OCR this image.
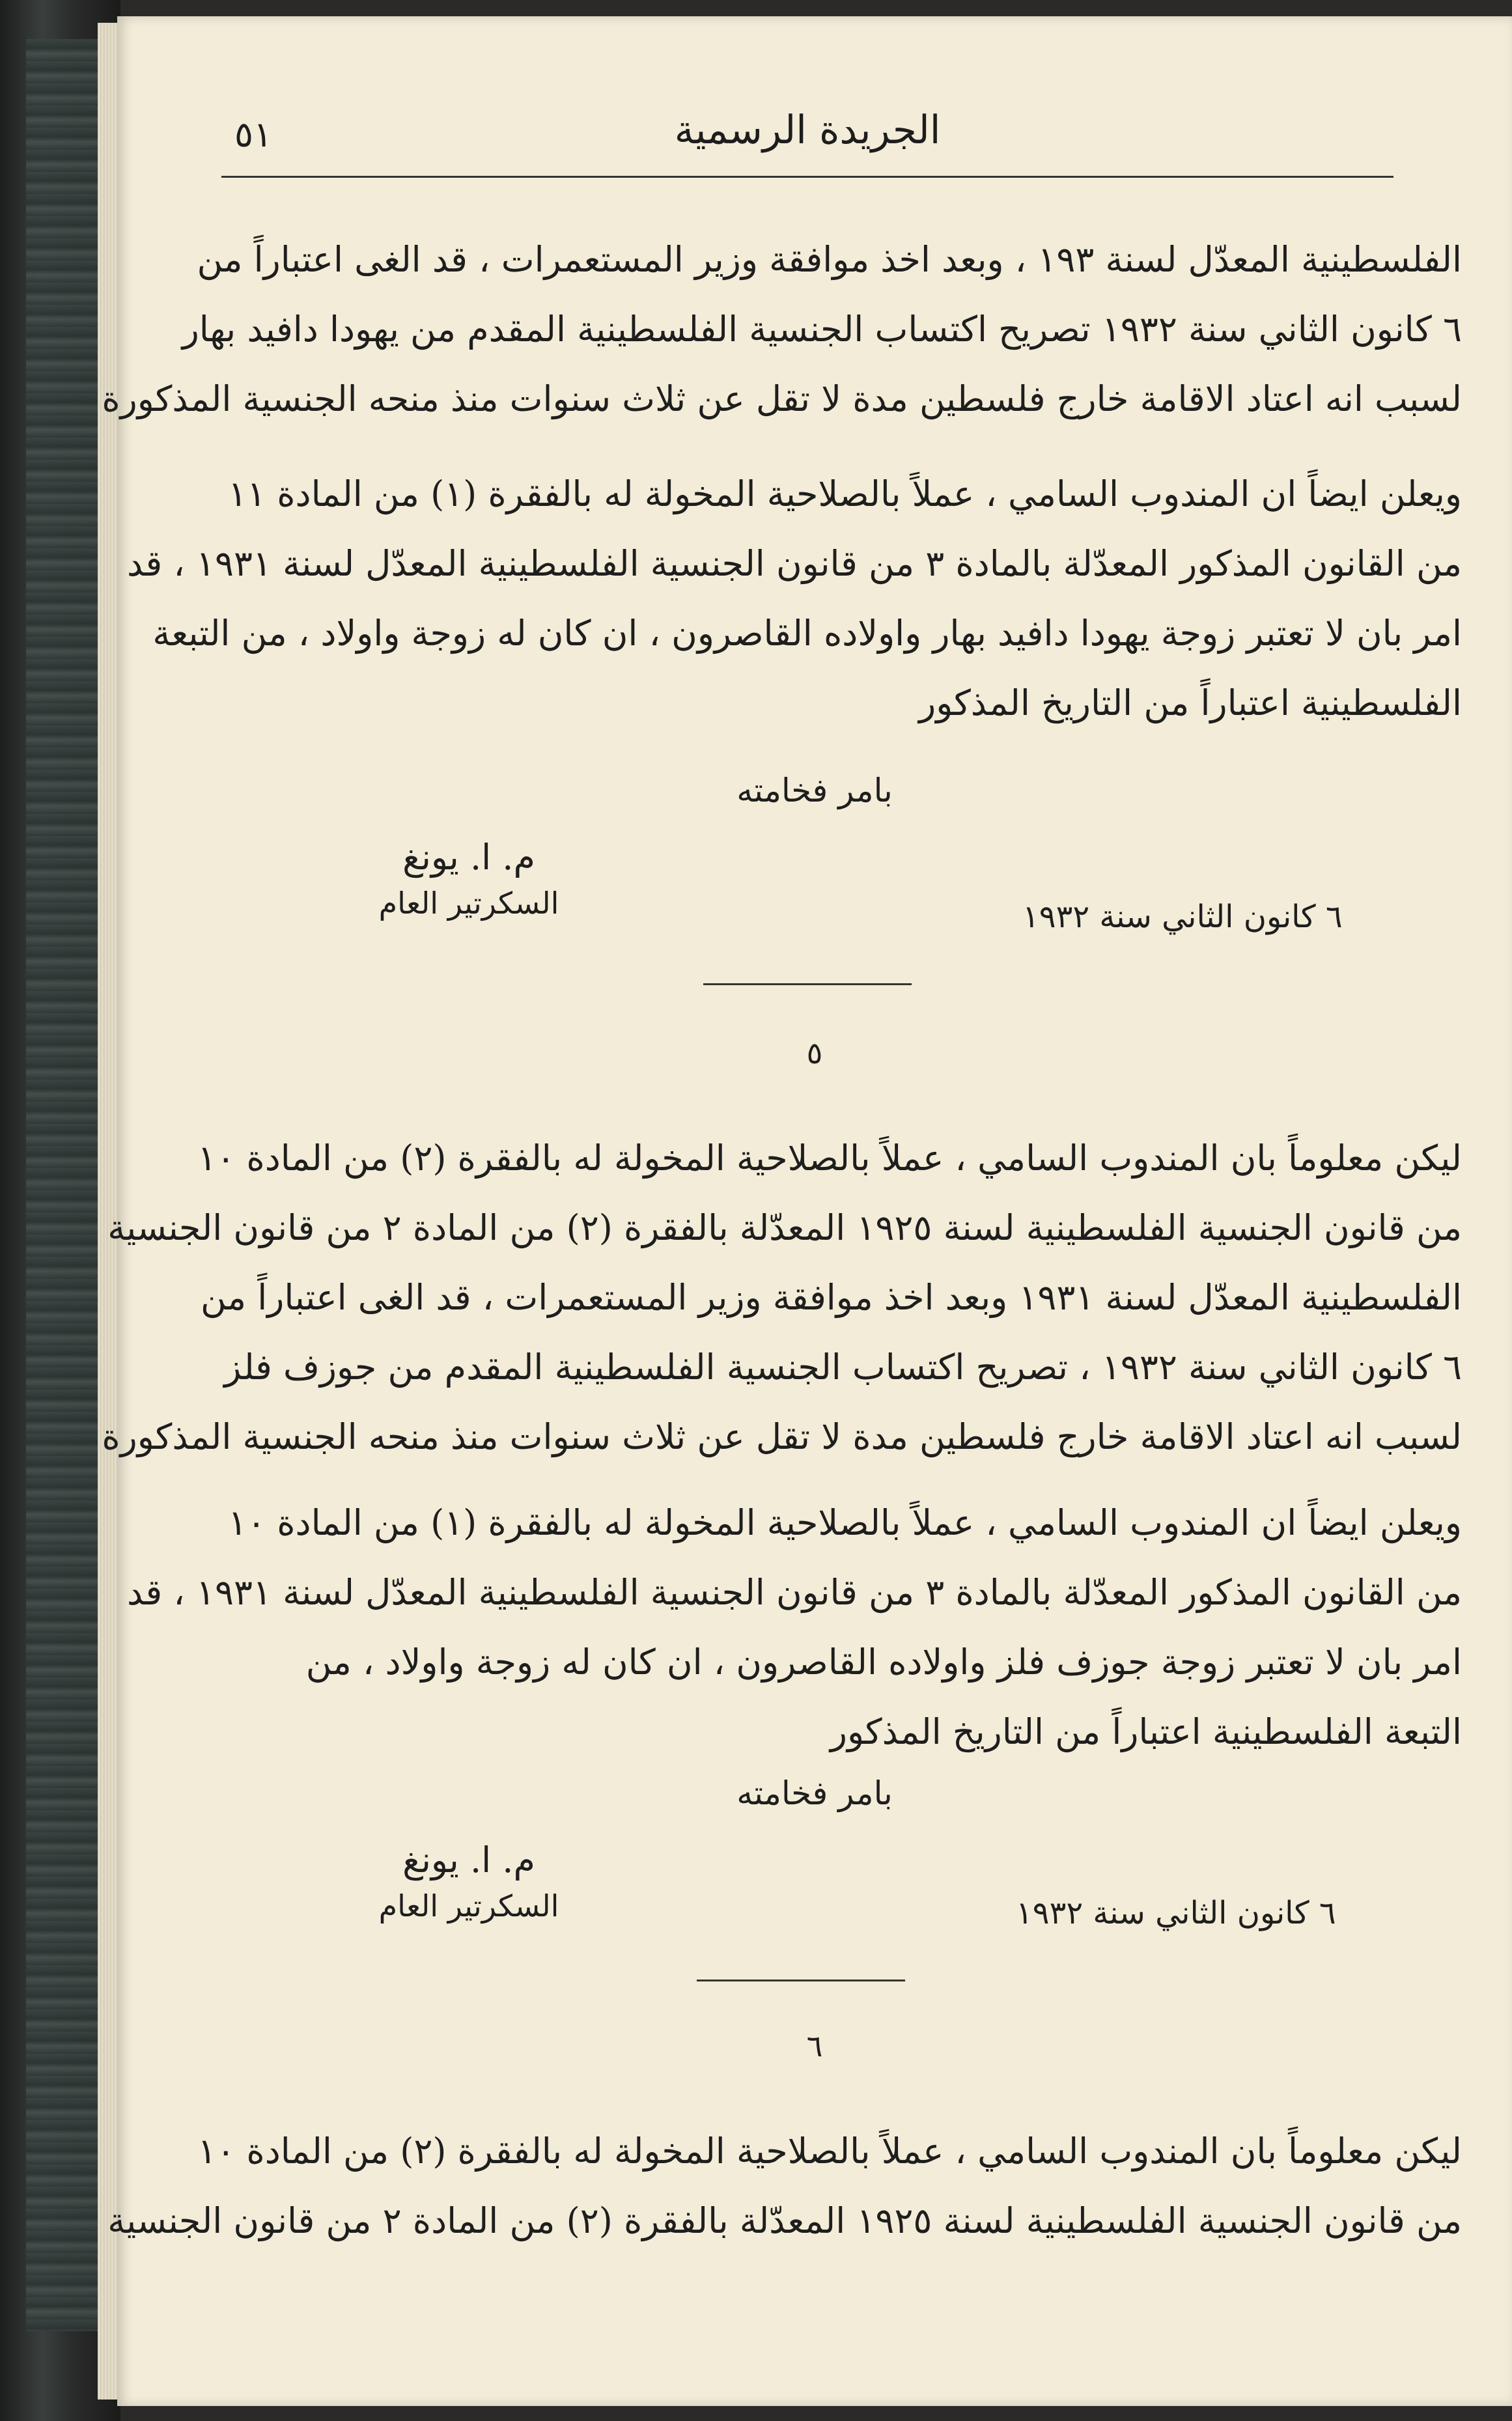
الجريدة الرسمية
٥١
الفلسطينية المعدّل لسنة ١٩٣ ، وبعد اخذ موافقة وزير المستعمرات ، قد الغى اعتباراً من
٦ كانون الثاني سنة ١٩٣٢ تصريح اكتساب الجنسية الفلسطينية المقدم من يهودا دافيد بهار
لسبب انه اعتاد الاقامة خارج فلسطين مدة لا تقل عن ثلاث سنوات منذ منحه الجنسية المذكورة
ويعلن ايضاً ان المندوب السامي ، عملاً بالصلاحية المخولة له بالفقرة (١) من المادة ١١
من القانون المذكور المعدّلة بالمادة ٣ من قانون الجنسية الفلسطينية المعدّل لسنة ١٩٣١ ، قد
امر بان لا تعتبر زوجة يهودا دافيد بهار واولاده القاصرون ، ان كان له زوجة واولاد ، من التبعة
الفلسطينية اعتباراً من التاريخ المذكور
بامر فخامته
م. ا. يونغ
السكرتير العام	٦ كانون الثاني سنة ١٩٣٢
٥
ليكن معلوماً بان المندوب السامي ، عملاً بالصلاحية المخولة له بالفقرة (٢) من المادة ١٠
من قانون الجنسية الفلسطينية لسنة ١٩٢٥ المعدّلة بالفقرة (٢) من المادة ٢ من قانون الجنسية
الفلسطينية المعدّل لسنة ١٩٣١ وبعد اخذ موافقة وزير المستعمرات ، قد الغى اعتباراً من
٦ كانون الثاني سنة ١٩٣٢ ، تصريح اكتساب الجنسية الفلسطينية المقدم من جوزف فلز
لسبب انه اعتاد الاقامة خارج فلسطين مدة لا تقل عن ثلاث سنوات منذ منحه الجنسية المذكورة
ويعلن ايضاً ان المندوب السامي ، عملاً بالصلاحية المخولة له بالفقرة (١) من المادة ١٠
من القانون المذكور المعدّلة بالمادة ٣ من قانون الجنسية الفلسطينية المعدّل لسنة ١٩٣١ ، قد
امر بان لا تعتبر زوجة جوزف فلز واولاده القاصرون ، ان كان له زوجة واولاد ، من
التبعة الفلسطينية اعتباراً من التاريخ المذكور
بامر فخامته
م. ا. يونغ
السكرتير العام	٦ كانون الثاني سنة ١٩٣٢
٦
ليكن معلوماً بان المندوب السامي ، عملاً بالصلاحية المخولة له بالفقرة (٢) من المادة ١٠
من قانون الجنسية الفلسطينية لسنة ١٩٢٥ المعدّلة بالفقرة (٢) من المادة ٢ من قانون الجنسية
